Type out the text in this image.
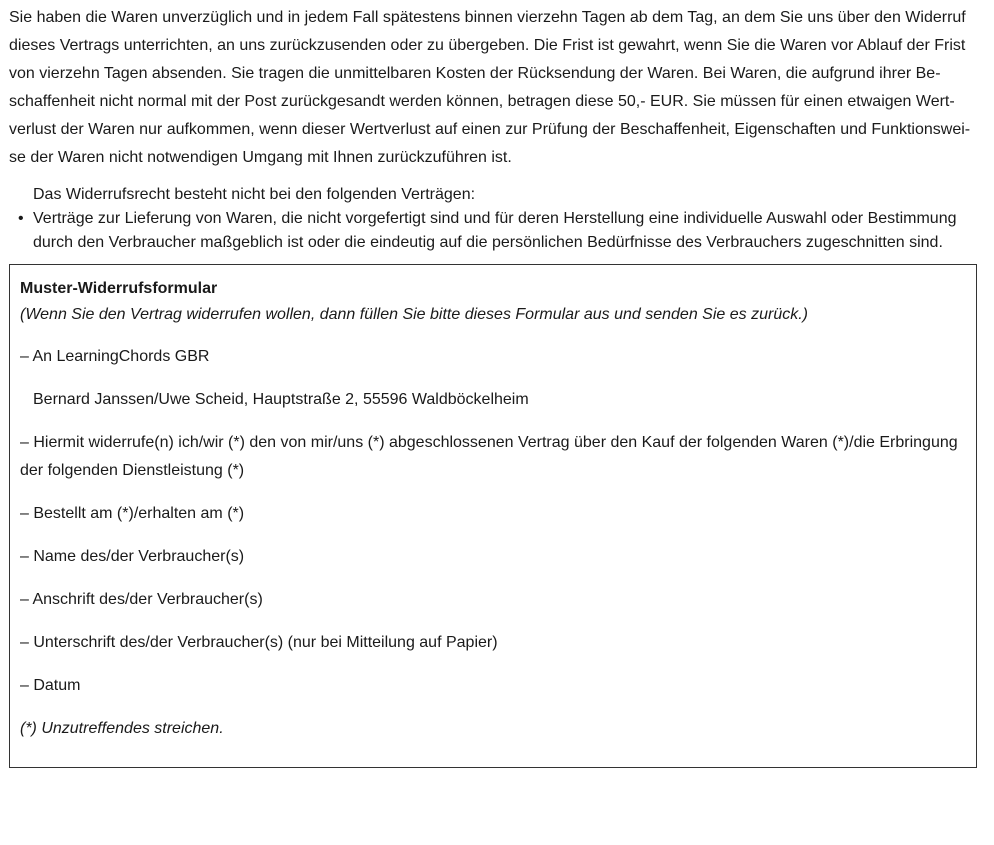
Sie haben die Waren unverzüglich und in jedem Fall spätestens binnen vierzehn Tagen ab dem Tag, an dem Sie uns über den Widerruf dieses Vertrags unterrichten, an uns zurückzusenden oder zu übergeben. Die Frist ist gewahrt, wenn Sie die Waren vor Ablauf der Frist von vierzehn Tagen absenden. Sie tragen die unmittelbaren Kosten der Rücksendung der Waren. Bei Waren, die aufgrund ihrer Beschaffenheit nicht normal mit der Post zurückgesandt werden können, betragen diese 50,- EUR. Sie müssen für einen etwaigen Wertverlust der Waren nur aufkommen, wenn dieser Wertverlust auf einen zur Prüfung der Beschaffenheit, Eigenschaften und Funktionsweise der Waren nicht notwendigen Umgang mit Ihnen zurückzuführen ist.

Das Widerrufsrecht besteht nicht bei den folgenden Verträgen:

• Verträge zur Lieferung von Waren, die nicht vorgefertigt sind und für deren Herstellung eine individuelle Auswahl oder Bestimmung durch den Verbraucher maßgeblich ist oder die eindeutig auf die persönlichen Bedürfnisse des Verbrauchers zugeschnitten sind.

Muster-Widerrufsformular

(Wenn Sie den Vertrag widerrufen wollen, dann füllen Sie bitte dieses Formular aus und senden Sie es zurück.)

– An LearningChords GBR

Bernard Janssen/Uwe Scheid, Hauptstraße 2, 55596 Waldböckelheim

– Hiermit widerrufe(n) ich/wir (*) den von mir/uns (*) abgeschlossenen Vertrag über den Kauf der folgenden Waren (*)/die Erbringung der folgenden Dienstleistung (*)

– Bestellt am (*)/erhalten am (*)

– Name des/der Verbraucher(s)

– Anschrift des/der Verbraucher(s)

– Unterschrift des/der Verbraucher(s) (nur bei Mitteilung auf Papier)

– Datum

(*) Unzutreffendes streichen.
